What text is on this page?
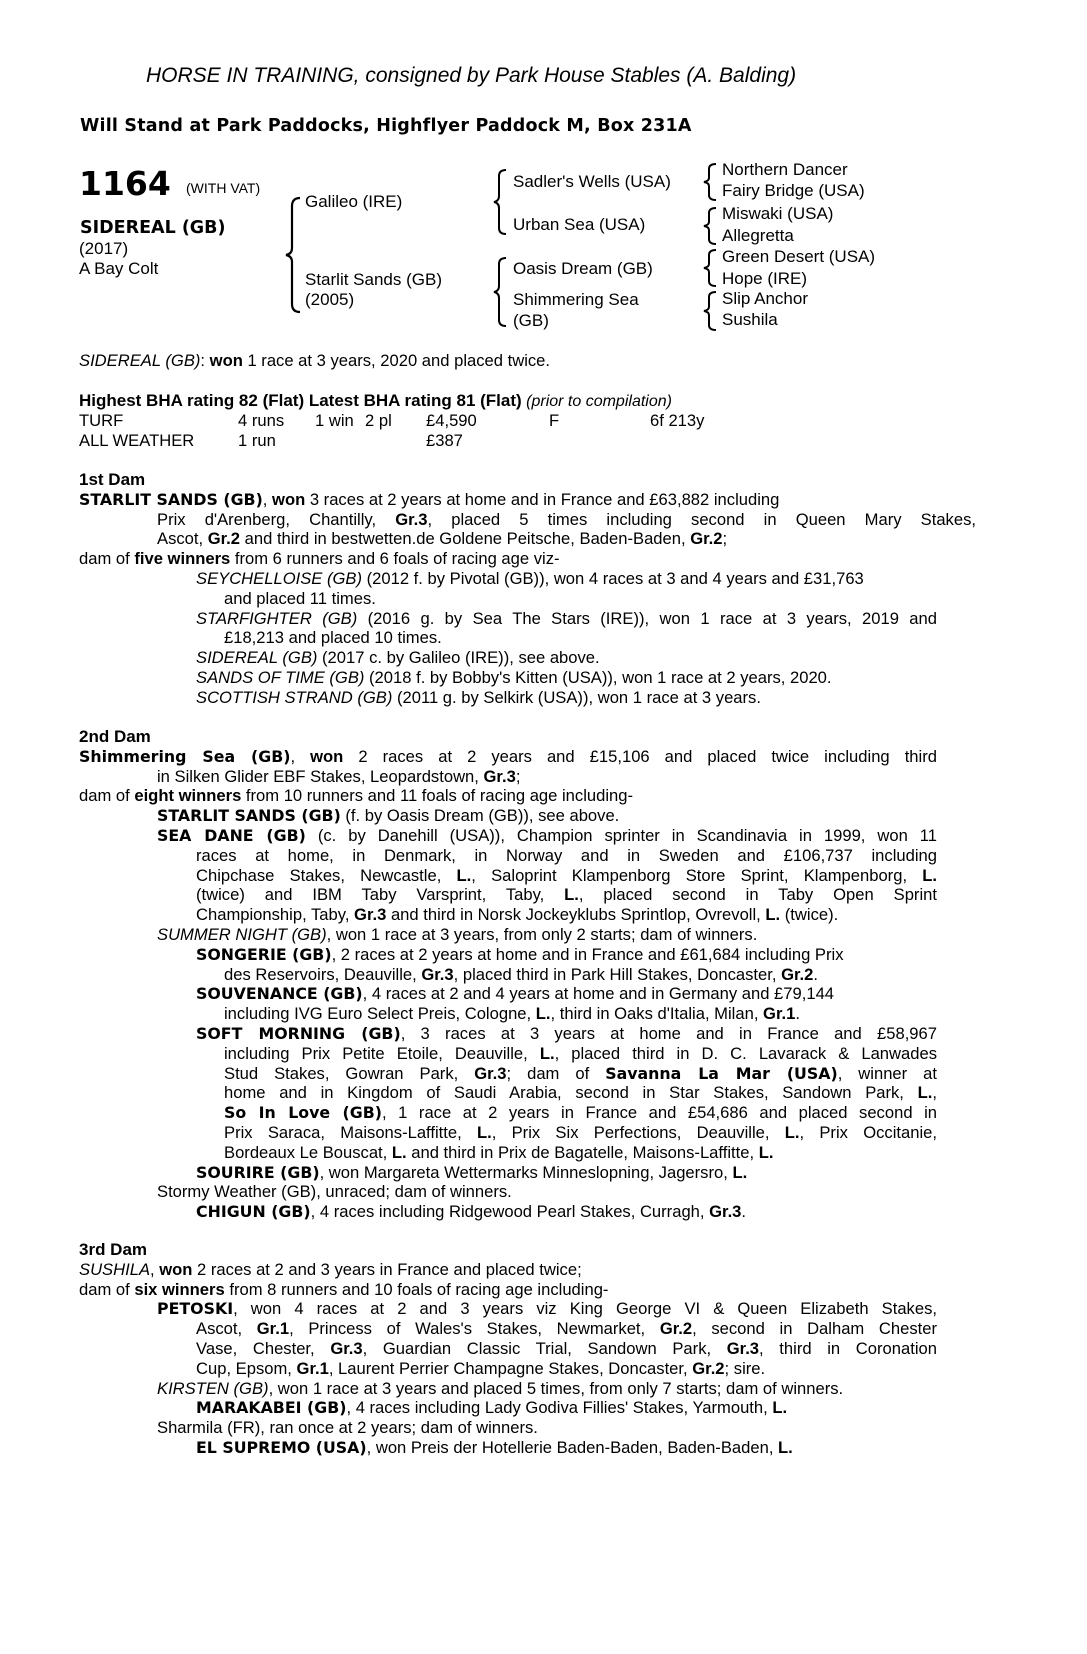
HORSE IN TRAINING, consigned by Park House Stables (A. Balding)
Will Stand at Park Paddocks, Highflyer Paddock M, Box 231A
1164 (WITH VAT)
SIDEREAL (GB)
(2017)
A Bay Colt
Galileo (IRE)
Starlit Sands (GB)
(2005)
Sadler's Wells (USA)
Urban Sea (USA)
Oasis Dream (GB)
Shimmering Sea
(GB)
Northern Dancer
Fairy Bridge (USA)
Miswaki (USA)
Allegretta
Green Desert (USA)
Hope (IRE)
Slip Anchor
Sushila
SIDEREAL (GB): won 1 race at 3 years, 2020 and placed twice.
Highest BHA rating 82 (Flat) Latest BHA rating 81 (Flat) (prior to compilation)
TURF	4 runs 1 win 2 pl £4,590	F	6f 213y
ALL WEATHER	1 run	£387
1st Dam
STARLIT SANDS (GB), won 3 races at 2 years at home and in France and £63,882 including
Prix d'Arenberg, Chantilly, Gr.3, placed 5 times including second in Queen Mary Stakes,
Ascot, Gr.2 and third in bestwetten.de Goldene Peitsche, Baden-Baden, Gr.2;
dam of five winners from 6 runners and 6 foals of racing age viz-
SEYCHELLOISE (GB) (2012 f. by Pivotal (GB)), won 4 races at 3 and 4 years and £31,763
and placed 11 times.
STARFIGHTER (GB) (2016 g. by Sea The Stars (IRE)), won 1 race at 3 years, 2019 and
£18,213 and placed 10 times.
SIDEREAL (GB) (2017 c. by Galileo (IRE)), see above.
SANDS OF TIME (GB) (2018 f. by Bobby's Kitten (USA)), won 1 race at 2 years, 2020.
SCOTTISH STRAND (GB) (2011 g. by Selkirk (USA)), won 1 race at 3 years.
2nd Dam
Shimmering Sea (GB), won 2 races at 2 years and £15,106 and placed twice including third
in Silken Glider EBF Stakes, Leopardstown, Gr.3;
dam of eight winners from 10 runners and 11 foals of racing age including-
STARLIT SANDS (GB) (f. by Oasis Dream (GB)), see above.
SEA DANE (GB) (c. by Danehill (USA)), Champion sprinter in Scandinavia in 1999, won 11
races at home, in Denmark, in Norway and in Sweden and £106,737 including
Chipchase Stakes, Newcastle, L., Saloprint Klampenborg Store Sprint, Klampenborg, L.
(twice) and IBM Taby Varsprint, Taby, L., placed second in Taby Open Sprint
Championship, Taby, Gr.3 and third in Norsk Jockeyklubs Sprintlop, Ovrevoll, L. (twice).
SUMMER NIGHT (GB), won 1 race at 3 years, from only 2 starts; dam of winners.
SONGERIE (GB), 2 races at 2 years at home and in France and £61,684 including Prix
des Reservoirs, Deauville, Gr.3, placed third in Park Hill Stakes, Doncaster, Gr.2.
SOUVENANCE (GB), 4 races at 2 and 4 years at home and in Germany and £79,144
including IVG Euro Select Preis, Cologne, L., third in Oaks d'Italia, Milan, Gr.1.
SOFT MORNING (GB), 3 races at 3 years at home and in France and £58,967
including Prix Petite Etoile, Deauville, L., placed third in D. C. Lavarack & Lanwades
Stud Stakes, Gowran Park, Gr.3; dam of Savanna La Mar (USA), winner at
home and in Kingdom of Saudi Arabia, second in Star Stakes, Sandown Park, L.,
So In Love (GB), 1 race at 2 years in France and £54,686 and placed second in
Prix Saraca, Maisons-Laffitte, L., Prix Six Perfections, Deauville, L., Prix Occitanie,
Bordeaux Le Bouscat, L. and third in Prix de Bagatelle, Maisons-Laffitte, L.
SOURIRE (GB), won Margareta Wettermarks Minneslopning, Jagersro, L.
Stormy Weather (GB), unraced; dam of winners.
CHIGUN (GB), 4 races including Ridgewood Pearl Stakes, Curragh, Gr.3.
3rd Dam
SUSHILA, won 2 races at 2 and 3 years in France and placed twice;
dam of six winners from 8 runners and 10 foals of racing age including-
PETOSKI, won 4 races at 2 and 3 years viz King George VI & Queen Elizabeth Stakes,
Ascot, Gr.1, Princess of Wales's Stakes, Newmarket, Gr.2, second in Dalham Chester
Vase, Chester, Gr.3, Guardian Classic Trial, Sandown Park, Gr.3, third in Coronation
Cup, Epsom, Gr.1, Laurent Perrier Champagne Stakes, Doncaster, Gr.2; sire.
KIRSTEN (GB), won 1 race at 3 years and placed 5 times, from only 7 starts; dam of winners.
MARAKABEI (GB), 4 races including Lady Godiva Fillies' Stakes, Yarmouth, L.
Sharmila (FR), ran once at 2 years; dam of winners.
EL SUPREMO (USA), won Preis der Hotellerie Baden-Baden, Baden-Baden, L.
